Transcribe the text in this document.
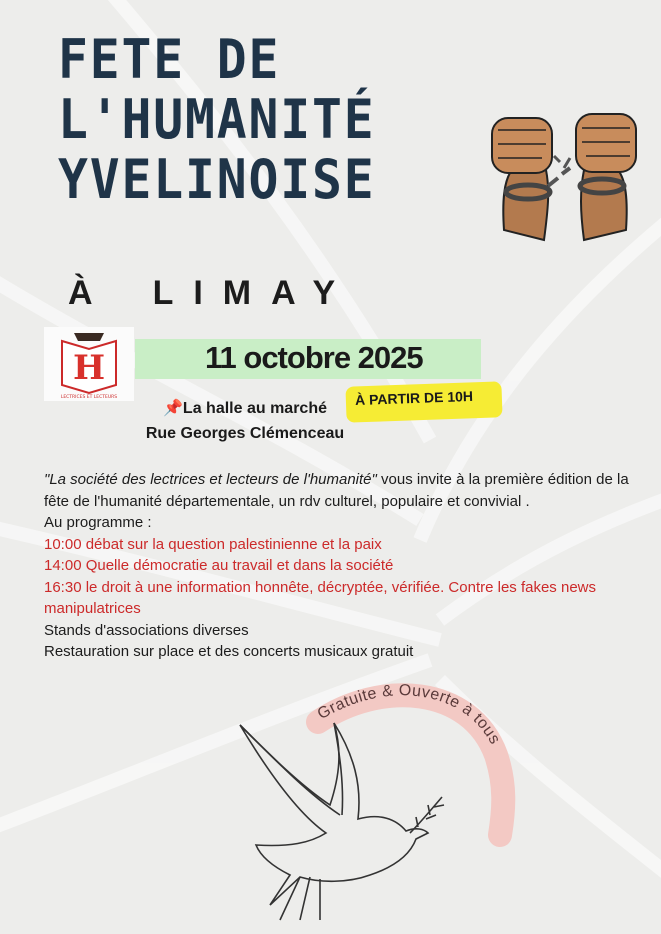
FETE DE
L'HUMANITÉ
YVELINOISE
À LIMAY
H
LECTRICES ET LECTEURS
11 octobre 2025
À PARTIR DE 10H
📌La halle au marché
Rue Georges Clémenceau

"La société des lectrices et lecteurs de l'humanité" vous invite à la première édition de la fête de l'humanité départementale, un rdv culturel, populaire et convivial .

Au programme :

10:00 débat sur la question palestinienne et la paix

14:00 Quelle démocratie au travail et dans la société

16:30 le droit à une information honnête, décryptée, vérifiée. Contre les fakes news manipulatrices

Stands d'associations diverses

Restauration sur place et des concerts musicaux gratuit

Gratuite & Ouverte à tous
